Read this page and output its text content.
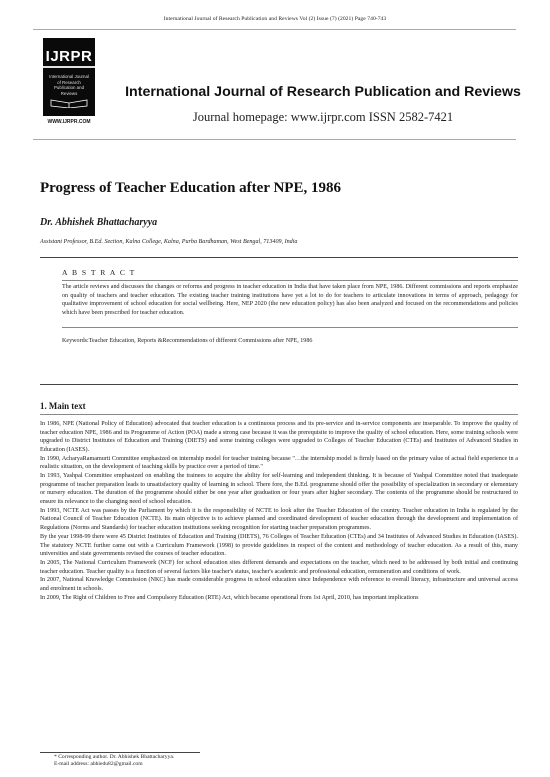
International Journal of Research Publication and Reviews Vol (2) Issue (7) (2021) Page 740-743
IJRPR
International Journal of Research Publication and Reviews
WWW.IJRPR.COM
International Journal of Research Publication and Reviews
Journal homepage: www.ijrpr.com ISSN 2582-7421
Progress of Teacher Education after NPE, 1986
Dr. Abhishek Bhattacharyya
Assistant Professor, B.Ed. Section, Kalna College, Kalna, Purba Bardhaman, West Bengal, 713409, India
A B S T R A C T
The article reviews and discusses the changes or reforms and progress in teacher education in India that have taken place from NPE, 1986. Different commissions and reports emphasize on quality of teachers and teacher education. The existing teacher training institutions have yet a lot to do for teachers to articulate innovations in terms of approach, pedagogy for qualitative improvement of school education for social wellbeing. Here, NEP 2020 (the new education policy) has also been analyzed and focused on the recommendations and policies which have been prescribed for teacher education.
Keywords:Teacher Education, Reports &Recommendations of different Commissions after NPE, 1986
1. Main text

In 1986, NPE (National Policy of Education) advocated that teacher education is a continuous process and its pre-service and in-service components are inseparable. To improve the quality of teacher education NPE, 1986 and its Programme of Action (POA) made a strong case because it was the prerequisite to improve the quality of school education. Here, some training schools were upgraded to District Institutes of Education and Training (DIETS) and some training colleges were upgraded to Colleges of Teacher Education (CTEs) and Institutes of Advanced Studies in Education (IASES).

In 1990, AcharyaRamamurti Committee emphasized on internship model for teacher training because "…the internship model is firmly based on the primary value of actual field experience in a realistic situation, on the development of teaching skills by practice over a period of time."

In 1993, Yashpal Committee emphasized on enabling the trainees to acquire the ability for self-learning and independent thinking. It is because of Yashpal Committee noted that inadequate programme of teacher preparation leads to unsatisfactory quality of learning in school. There fore, the B.Ed. programme should offer the possibility of specialization in secondary or elementary or nursery education. The duration of the programme should either be one year after graduation or four years after higher secondary. The contents of the programme should be restructured to ensure its relevance to the changing need of school education.

In 1993, NCTE Act was passes by the Parliament by which it is the responsibility of NCTE to look after the Teacher Education of the country. Teacher education in India is regulated by the National Council of Teacher Education (NCTE). Its main objective is to achieve planned and coordinated development of teacher education through the development and implementation of Regulations (Norms and Standards) for teacher education institutions seeking recognition for starting teacher preparation programmes.

By the year 1998-99 there were 45 District Institutes of Education and Training (DIETS), 76 Colleges of Teacher Education (CTEs) and 34 Institutes of Advanced Studies in Education (IASES). The statutory NCTE further came out with a Curriculum Framework (1998) to provide guidelines in respect of the content and methodology of teacher education. As a result of this, many universities and state governments revised the courses of teacher education.

In 2005, The National Curriculum Framework (NCF) for school education sites different demands and expectations on the teacher, which need to be addressed by both initial and continuing teacher education. Teacher quality is a function of several factors like teacher's status, teacher's academic and professional education, remuneration and conditions of work.

In 2007, National Knowledge Commission (NKC) has made considerable progress in school education since Independence with reference to overall literacy, infrastructure and universal access and enrolment in schools.

In 2009, The Right of Children to Free and Compulsory Education (RTE) Act, which became operational from 1st April, 2010, has important implications

* Corresponding author. Dr. Abhishek Bhattacharyya.
E-mail address: abhiedu82@gmail.com
